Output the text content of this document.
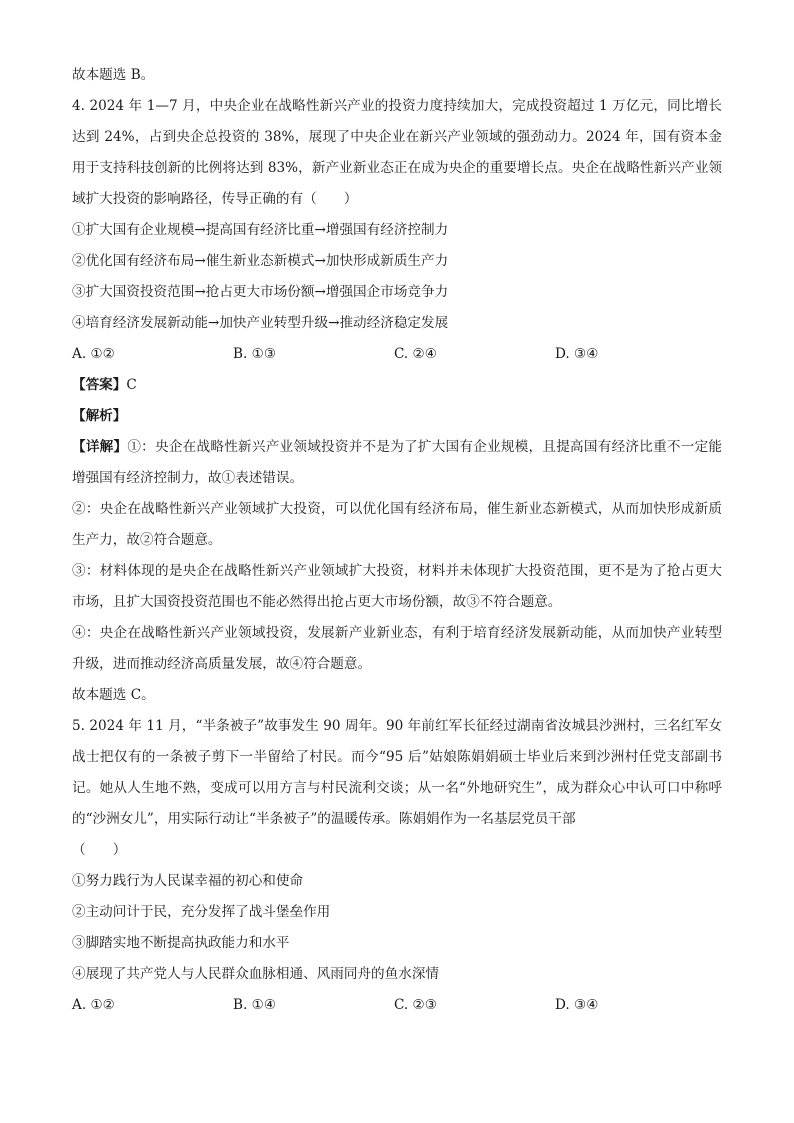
故本题选 B。
4. 2024 年 1—7 月，中央企业在战略性新兴产业的投资力度持续加大，完成投资超过 1 万亿元，同比增长达到 24%，占到央企总投资的 38%，展现了中央企业在新兴产业领域的强劲动力。2024 年，国有资本金用于支持科技创新的比例将达到 83%，新产业新业态正在成为央企的重要增长点。央企在战略性新兴产业领域扩大投资的影响路径，传导正确的有（　　）
①扩大国有企业规模→提高国有经济比重→增强国有经济控制力
②优化国有经济布局→催生新业态新模式→加快形成新质生产力
③扩大国资投资范围→抢占更大市场份额→增强国企市场竞争力
④培育经济发展新动能→加快产业转型升级→推动经济稳定发展
A. ①②	B. ①③	C. ②④	D. ③④
【答案】C
【解析】
【详解】①：央企在战略性新兴产业领域投资并不是为了扩大国有企业规模，且提高国有经济比重不一定能增强国有经济控制力，故①表述错误。
②：央企在战略性新兴产业领域扩大投资，可以优化国有经济布局，催生新业态新模式，从而加快形成新质生产力，故②符合题意。
③：材料体现的是央企在战略性新兴产业领域扩大投资，材料并未体现扩大投资范围，更不是为了抢占更大市场，且扩大国资投资范围也不能必然得出抢占更大市场份额，故③不符合题意。
④：央企在战略性新兴产业领域投资，发展新产业新业态，有利于培育经济发展新动能，从而加快产业转型升级，进而推动经济高质量发展，故④符合题意。
故本题选 C。
5. 2024 年 11 月，“半条被子”故事发生 90 周年。90 年前红军长征经过湖南省汝城县沙洲村，三名红军女战士把仅有的一条被子剪下一半留给了村民。而今“95 后”姑娘陈娟娟硕士毕业后来到沙洲村任党支部副书记。她从人生地不熟，变成可以用方言与村民流利交谈；从一名“外地研究生”，成为群众心中认可口中称呼的“沙洲女儿”，用实际行动让“半条被子”的温暖传承。陈娟娟作为一名基层党员干部
（　　）
①努力践行为人民谋幸福的初心和使命
②主动问计于民，充分发挥了战斗堡垒作用
③脚踏实地不断提高执政能力和水平
④展现了共产党人与人民群众血脉相通、风雨同舟的鱼水深情
A. ①②	B. ①④	C. ②③	D. ③④
